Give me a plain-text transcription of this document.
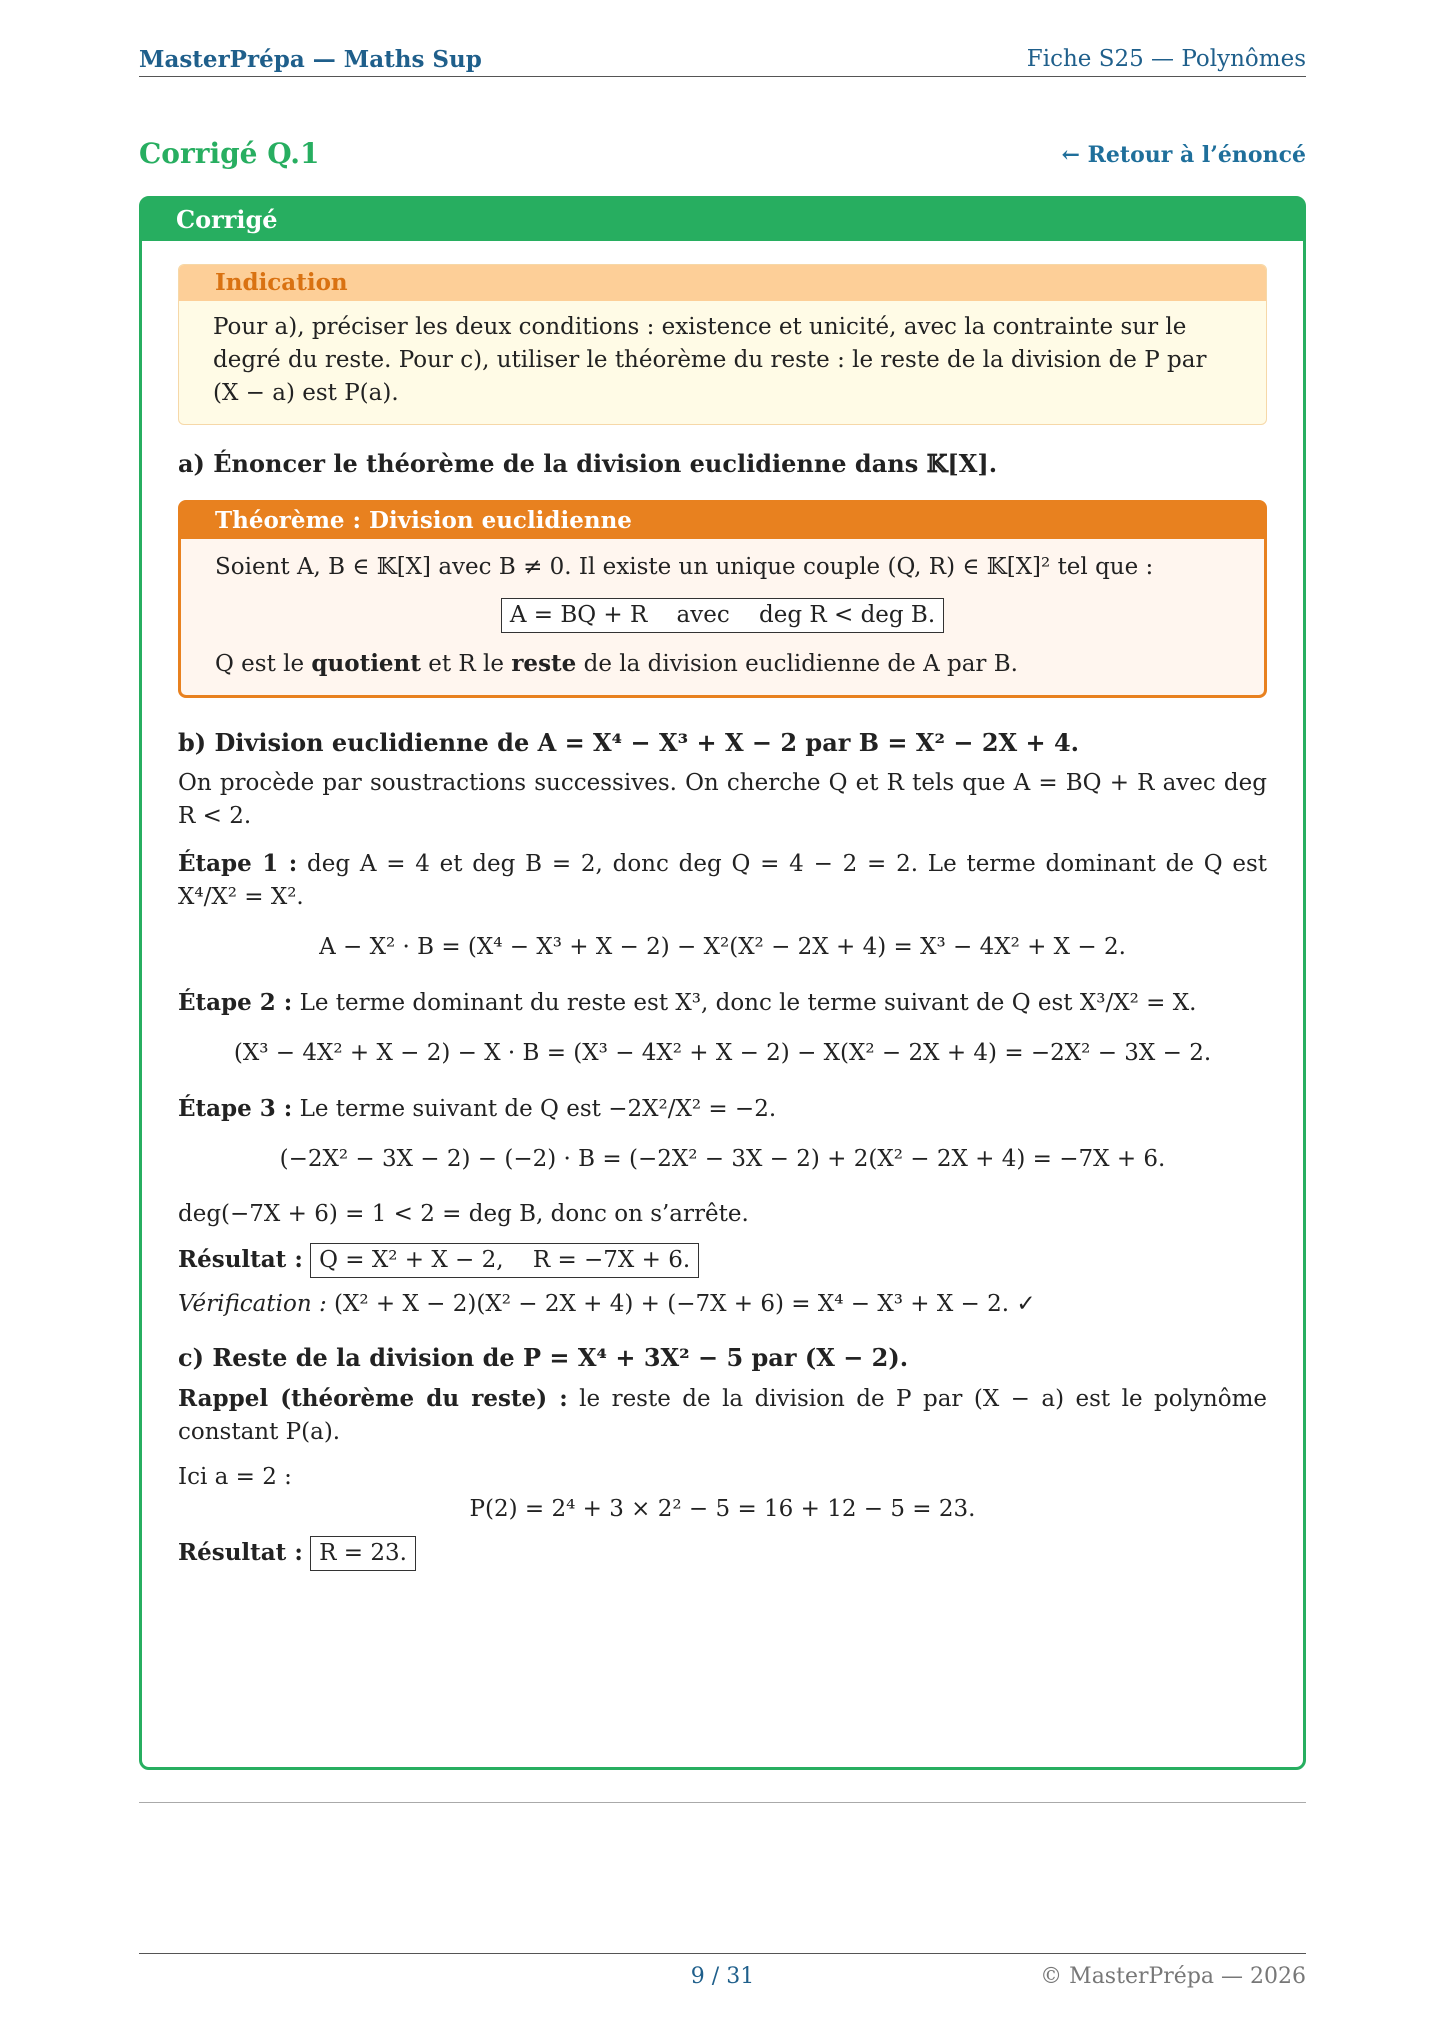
MasterPrépa — Maths Sup	Fiche S25 — Polynômes
Corrigé Q.1	← Retour à l’énoncé
Corrigé
Indication
Pour a), préciser les deux conditions : existence et unicité, avec la contrainte sur le degré du reste. Pour c), utiliser le théorème du reste : le reste de la division de P par (X − a) est P(a).

a) Énoncer le théorème de la division euclidienne dans 𝕂[X].

Théorème : Division euclidienne

Soient A, B ∈ 𝕂[X] avec B ≠ 0. Il existe un unique couple (Q, R) ∈ 𝕂[X]² tel que :

A = BQ + R    avec    deg R < deg B.

Q est le quotient et R le reste de la division euclidienne de A par B.

b) Division euclidienne de A = X⁴ − X³ + X − 2 par B = X² − 2X + 4.

On procède par soustractions successives. On cherche Q et R tels que A = BQ + R avec deg R < 2.

Étape 1 : deg A = 4 et deg B = 2, donc deg Q = 4 − 2 = 2. Le terme dominant de Q est X⁴/X² = X².

A − X² · B = (X⁴ − X³ + X − 2) − X²(X² − 2X + 4) = X³ − 4X² + X − 2.

Étape 2 : Le terme dominant du reste est X³, donc le terme suivant de Q est X³/X² = X.

(X³ − 4X² + X − 2) − X · B = (X³ − 4X² + X − 2) − X(X² − 2X + 4) = −2X² − 3X − 2.

Étape 3 : Le terme suivant de Q est −2X²/X² = −2.

(−2X² − 3X − 2) − (−2) · B = (−2X² − 3X − 2) + 2(X² − 2X + 4) = −7X + 6.

deg(−7X + 6) = 1 < 2 = deg B, donc on s’arrête.

Résultat : Q = X² + X − 2,    R = −7X + 6.

Vérification : (X² + X − 2)(X² − 2X + 4) + (−7X + 6) = X⁴ − X³ + X − 2. ✓

c) Reste de la division de P = X⁴ + 3X² − 5 par (X − 2).

Rappel (théorème du reste) : le reste de la division de P par (X − a) est le polynôme constant P(a).

Ici a = 2 :

P(2) = 2⁴ + 3 × 2² − 5 = 16 + 12 − 5 = 23.

Résultat : R = 23.

9 / 31	© MasterPrépa — 2026
